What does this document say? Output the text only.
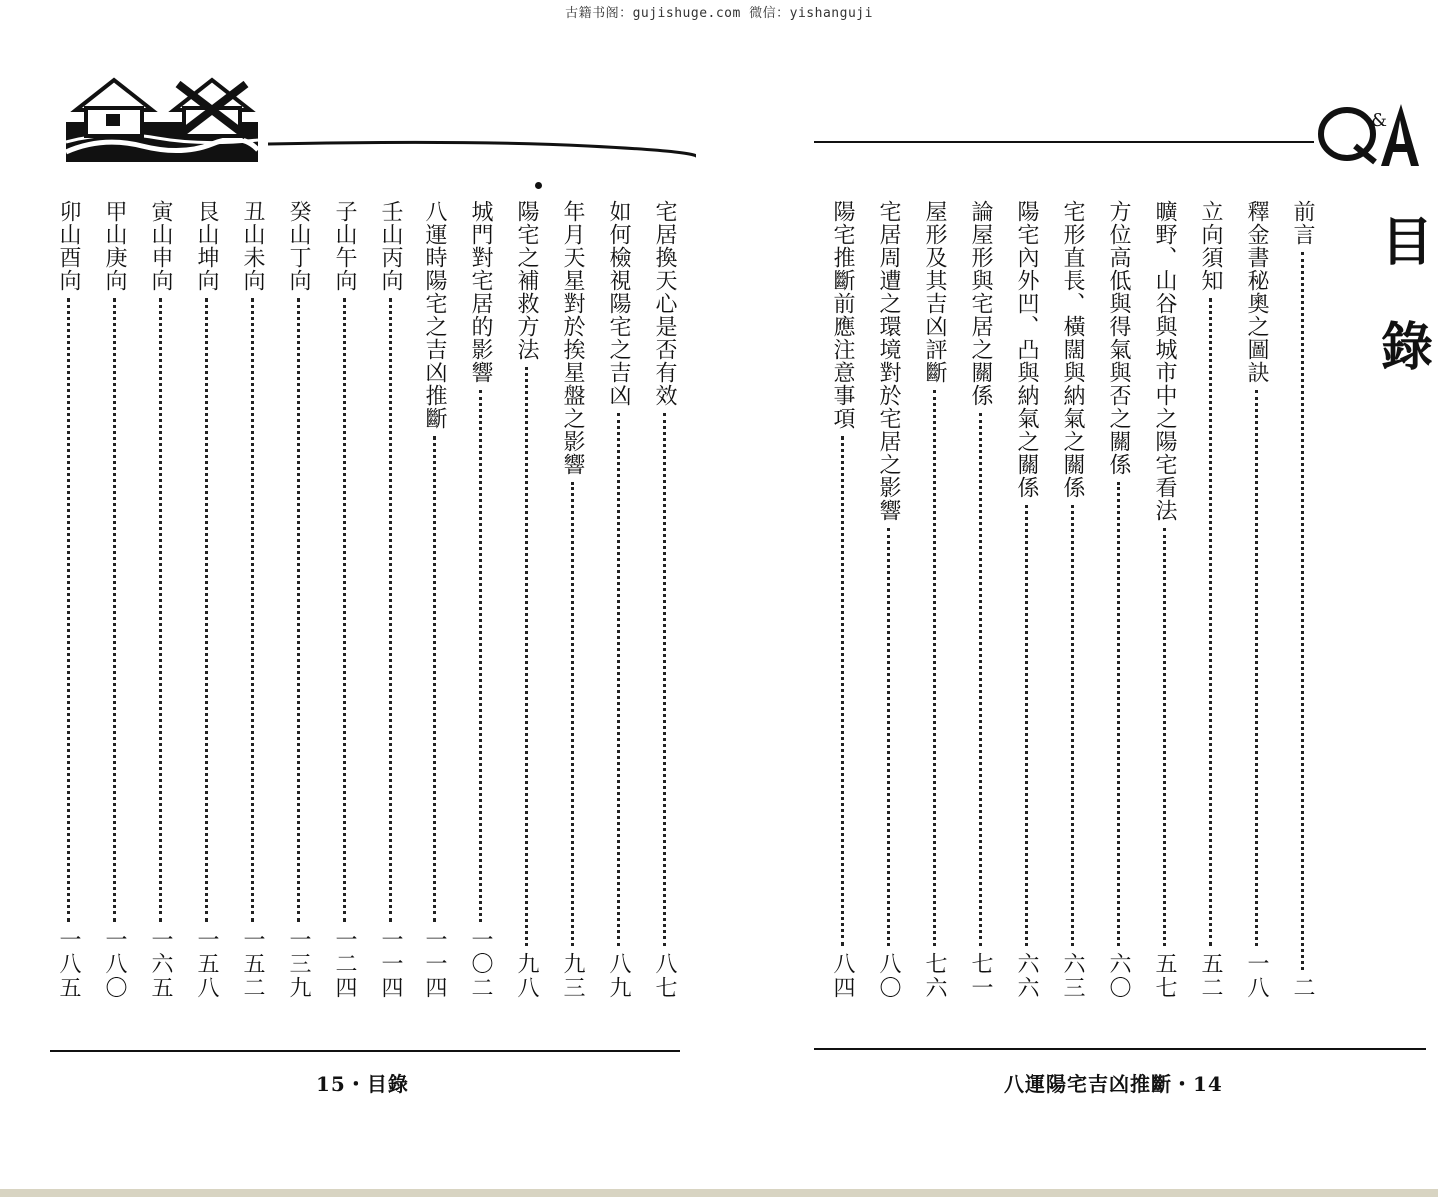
古籍书阁：gujishuge.com 微信：yishanguji
宅居換天心是否有效
八七
如何檢視陽宅之吉凶
八九
年月天星對於挨星盤之影響
九三
陽宅之補救方法
九八
城門對宅居的影響
一〇二
八運時陽宅之吉凶推斷
一一四
壬山丙向
一一四
子山午向
一二四
癸山丁向
一三九
丑山未向
一五二
艮山坤向
一五八
寅山申向
一六五
甲山庚向
一八〇
卯山酉向
一八五
15・目錄
&
目
錄
前言
二
釋金書秘奧之圖訣
一八
立向須知
五二
曠野、山谷與城市中之陽宅看法
五七
方位高低與得氣與否之關係
六〇
宅形直長、橫闊與納氣之關係
六三
陽宅內外凹、凸與納氣之關係
六六
論屋形與宅居之關係
七一
屋形及其吉凶評斷
七六
宅居周遭之環境對於宅居之影響
八〇
陽宅推斷前應注意事項
八四
八運陽宅吉凶推斷・14
